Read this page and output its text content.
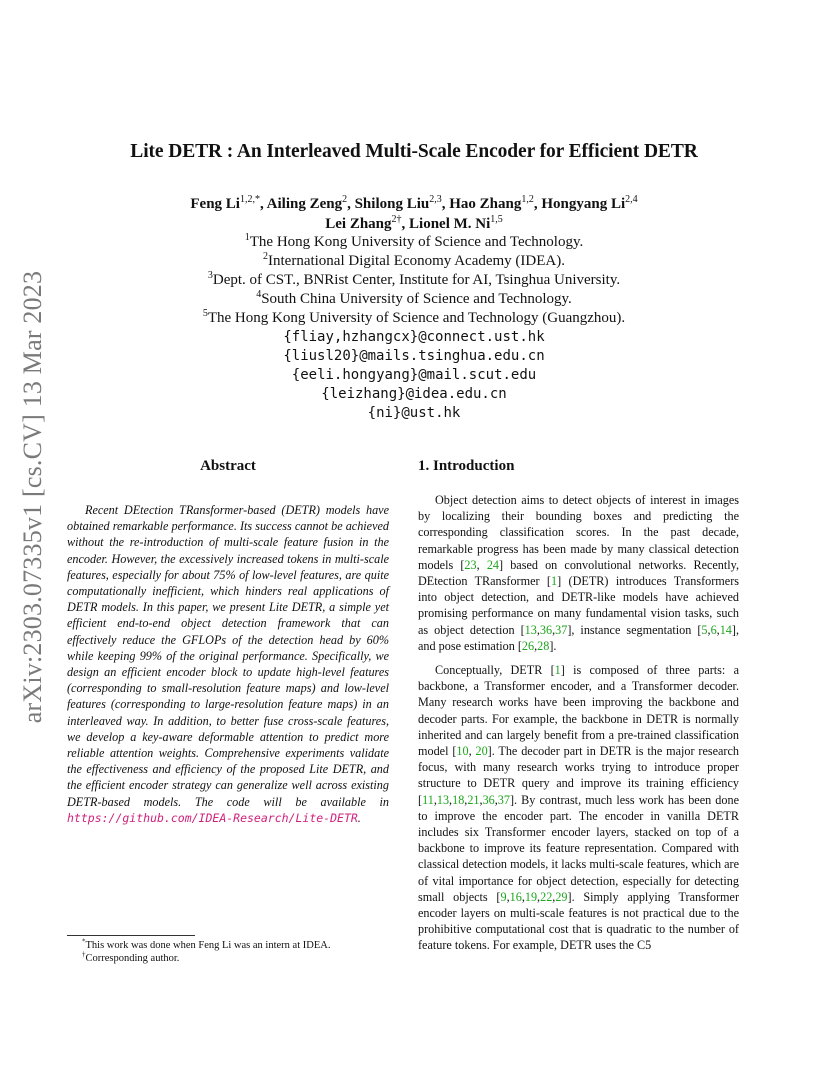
arXiv:2303.07335v1 [cs.CV] 13 Mar 2023
Lite DETR : An Interleaved Multi-Scale Encoder for Efficient DETR
Feng $Li^{1,2,*}$, Ailing Zeng$^2$, Shilong Liu$^{2,3}$, Hao Zhang$^{1,2}$, Hongyang Li$^{2,4}$
Lei Zhang$^{2\dagger}$, Lionel M. Ni$^{1,5}$
$^1$The Hong Kong University of Science and Technology.
$^2$International Digital Economy Academy (IDEA).
$^3$Dept. of CST., BNRist Center, Institute for AI, Tsinghua University.
$^4$South China University of Science and Technology.
$^5$The Hong Kong University of Science and Technology (Guangzhou).
{fliay,hzhangcx}@connect.ust.hk
{liusl20}@mails.tsinghua.edu.cn
{eeli.hongyang}@mail.scut.edu
{leizhang}@idea.edu.cn
{ni}@ust.hk
Abstract
Recent DEtection TRansformer-based (DETR) models have obtained remarkable performance. Its success cannot be achieved without the re-introduction of multi-scale feature fusion in the encoder. However, the excessively increased tokens in multi-scale features, especially for about 75% of low-level features, are quite computationally inefficient, which hinders real applications of DETR models. In this paper, we present Lite DETR, a simple yet efficient end-to-end object detection framework that can effectively reduce the GFLOPs of the detection head by 60% while keeping 99% of the original performance. Specifically, we design an efficient encoder block to update high-level features (corresponding to small-resolution feature maps) and low-level features (corresponding to large-resolution feature maps) in an interleaved way. In addition, to better fuse cross-scale features, we develop a key-aware deformable attention to predict more reliable attention weights. Comprehensive experiments validate the effectiveness and efficiency of the proposed Lite DETR, and the efficient encoder strategy can generalize well across existing DETR-based models. The code will be available in https://github.com/IDEA-Research/Lite-DETR.
1. Introduction

Object detection aims to detect objects of interest in images by localizing their bounding boxes and predicting the corresponding classification scores. In the past decade, remarkable progress has been made by many classical detection models [23, 24] based on convolutional networks. Recently, DEtection TRansformer [1] (DETR) introduces Transformers into object detection, and DETR-like models have achieved promising performance on many fundamental vision tasks, such as object detection [13,36,37], instance segmentation [5,6,14], and pose estimation [26,28].

Conceptually, DETR [1] is composed of three parts: a backbone, a Transformer encoder, and a Transformer decoder. Many research works have been improving the backbone and decoder parts. For example, the backbone in DETR is normally inherited and can largely benefit from a pre-trained classification model [10, 20]. The decoder part in DETR is the major research focus, with many research works trying to introduce proper structure to DETR query and improve its training efficiency [11,13,18,21,36,37]. By contrast, much less work has been done to improve the encoder part. The encoder in vanilla DETR includes six Transformer encoder layers, stacked on top of a backbone to improve its feature representation. Compared with classical detection models, it lacks multi-scale features, which are of vital importance for object detection, especially for detecting small objects [9,16,19,22,29]. Simply applying Transformer encoder layers on multi-scale features is not practical due to the prohibitive computational cost that is quadratic to the number of feature tokens. For example, DETR uses the C5

*This work was done when Feng Li was an intern at IDEA.
†Corresponding author.
